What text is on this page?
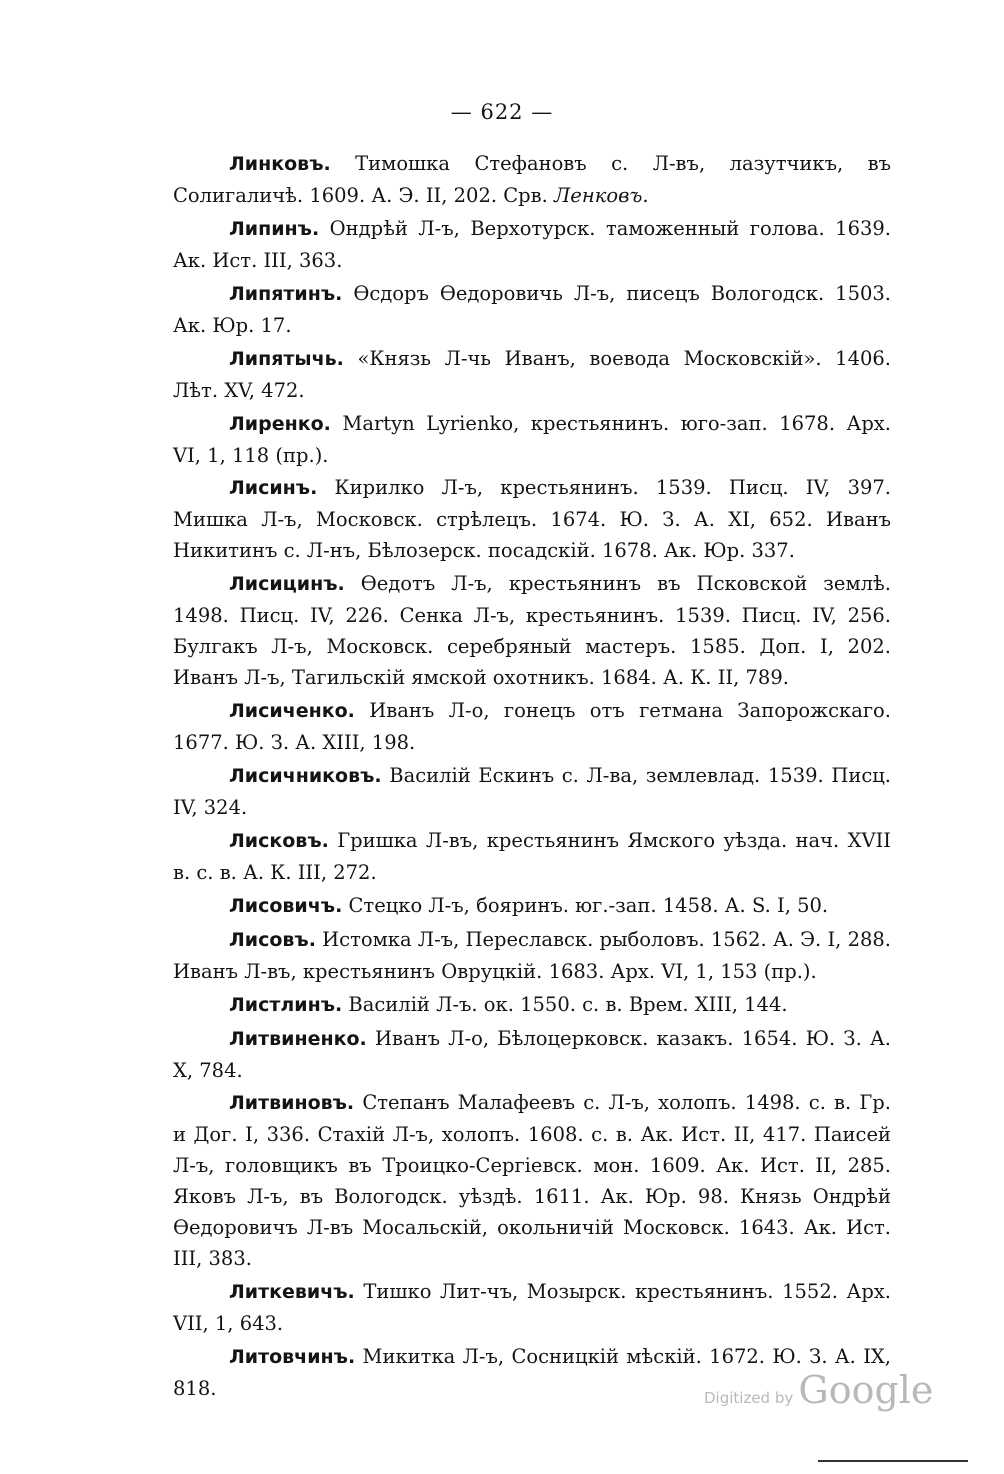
— 622 —

Линковъ. Тимошка Стефановъ с. Л-въ, лазутчикъ, въ Солигаличѣ. 1609. А. Э. II, 202. Срв. Ленковъ.

Липинъ. Ондрѣй Л-ъ, Верхотурск. таможенный голова. 1639. Ак. Ист. III, 363.

Липятинъ. Өсдоръ Өедоровичь Л-ъ, писецъ Вологодск. 1503. Ак. Юр. 17.

Липятычь. «Князь Л-чь Иванъ, воевода Московскій». 1406. Лѣт. XV, 472.

Лиренко. Martyn Lyrienko, крестьянинъ. юго-зап. 1678. Арх. VI, 1, 118 (пр.).

Лисинъ. Кирилко Л-ъ, крестьянинъ. 1539. Писц. IV, 397. Мишка Л-ъ, Московск. стрѣлецъ. 1674. Ю. З. А. XI, 652. Иванъ Никитинъ с. Л-нъ, Бѣлозерск. посадскій. 1678. Ак. Юр. 337.

Лисицинъ. Өедотъ Л-ъ, крестьянинъ въ Псковской землѣ. 1498. Писц. IV, 226. Сенка Л-ъ, крестьянинъ. 1539. Писц. IV, 256. Булгакъ Л-ъ, Московск. серебряный мастеръ. 1585. Доп. I, 202. Иванъ Л-ъ, Тагильскій ямской охотникъ. 1684. А. К. II, 789.

Лисиченко. Иванъ Л-о, гонецъ отъ гетмана Запорожскаго. 1677. Ю. З. А. XIII, 198.

Лисичниковъ. Василій Ескинъ с. Л-ва, землевлад. 1539. Писц. IV, 324.

Лисковъ. Гришка Л-въ, крестьянинъ Ямского уѣзда. нач. XVII в. с. в. А. К. III, 272.

Лисовичъ. Стецко Л-ъ, бояринъ. юг.-зап. 1458. А. S. I, 50.

Лисовъ. Истомка Л-ъ, Переславск. рыболовъ. 1562. А. Э. I, 288. Иванъ Л-въ, крестьянинъ Овруцкій. 1683. Арх. VI, 1, 153 (пр.).

Листлинъ. Василій Л-ъ. ок. 1550. с. в. Врем. XIII, 144.

Литвиненко. Иванъ Л-о, Бѣлоцерковск. казакъ. 1654. Ю. З. А. X, 784.

Литвиновъ. Степанъ Малафеевъ с. Л-ъ, холопъ. 1498. с. в. Гр. и Дог. I, 336. Стахій Л-ъ, холопъ. 1608. с. в. Ак. Ист. II, 417. Паисей Л-ъ, головщикъ въ Троицко-Сергіевск. мон. 1609. Ак. Ист. II, 285. Яковъ Л-ъ, въ Вологодск. уѣздѣ. 1611. Ак. Юр. 98. Князь Ондрѣй Өедоровичъ Л-въ Мосальскій, окольничій Московск. 1643. Ак. Ист. III, 383.

Литкевичъ. Тишко Лит-чъ, Мозырск. крестьянинъ. 1552. Арх. VII, 1, 643.

Литовчинъ. Микитка Л-ъ, Сосницкій мѣскій. 1672. Ю. З. А. IX, 818.	Digitized by Google
